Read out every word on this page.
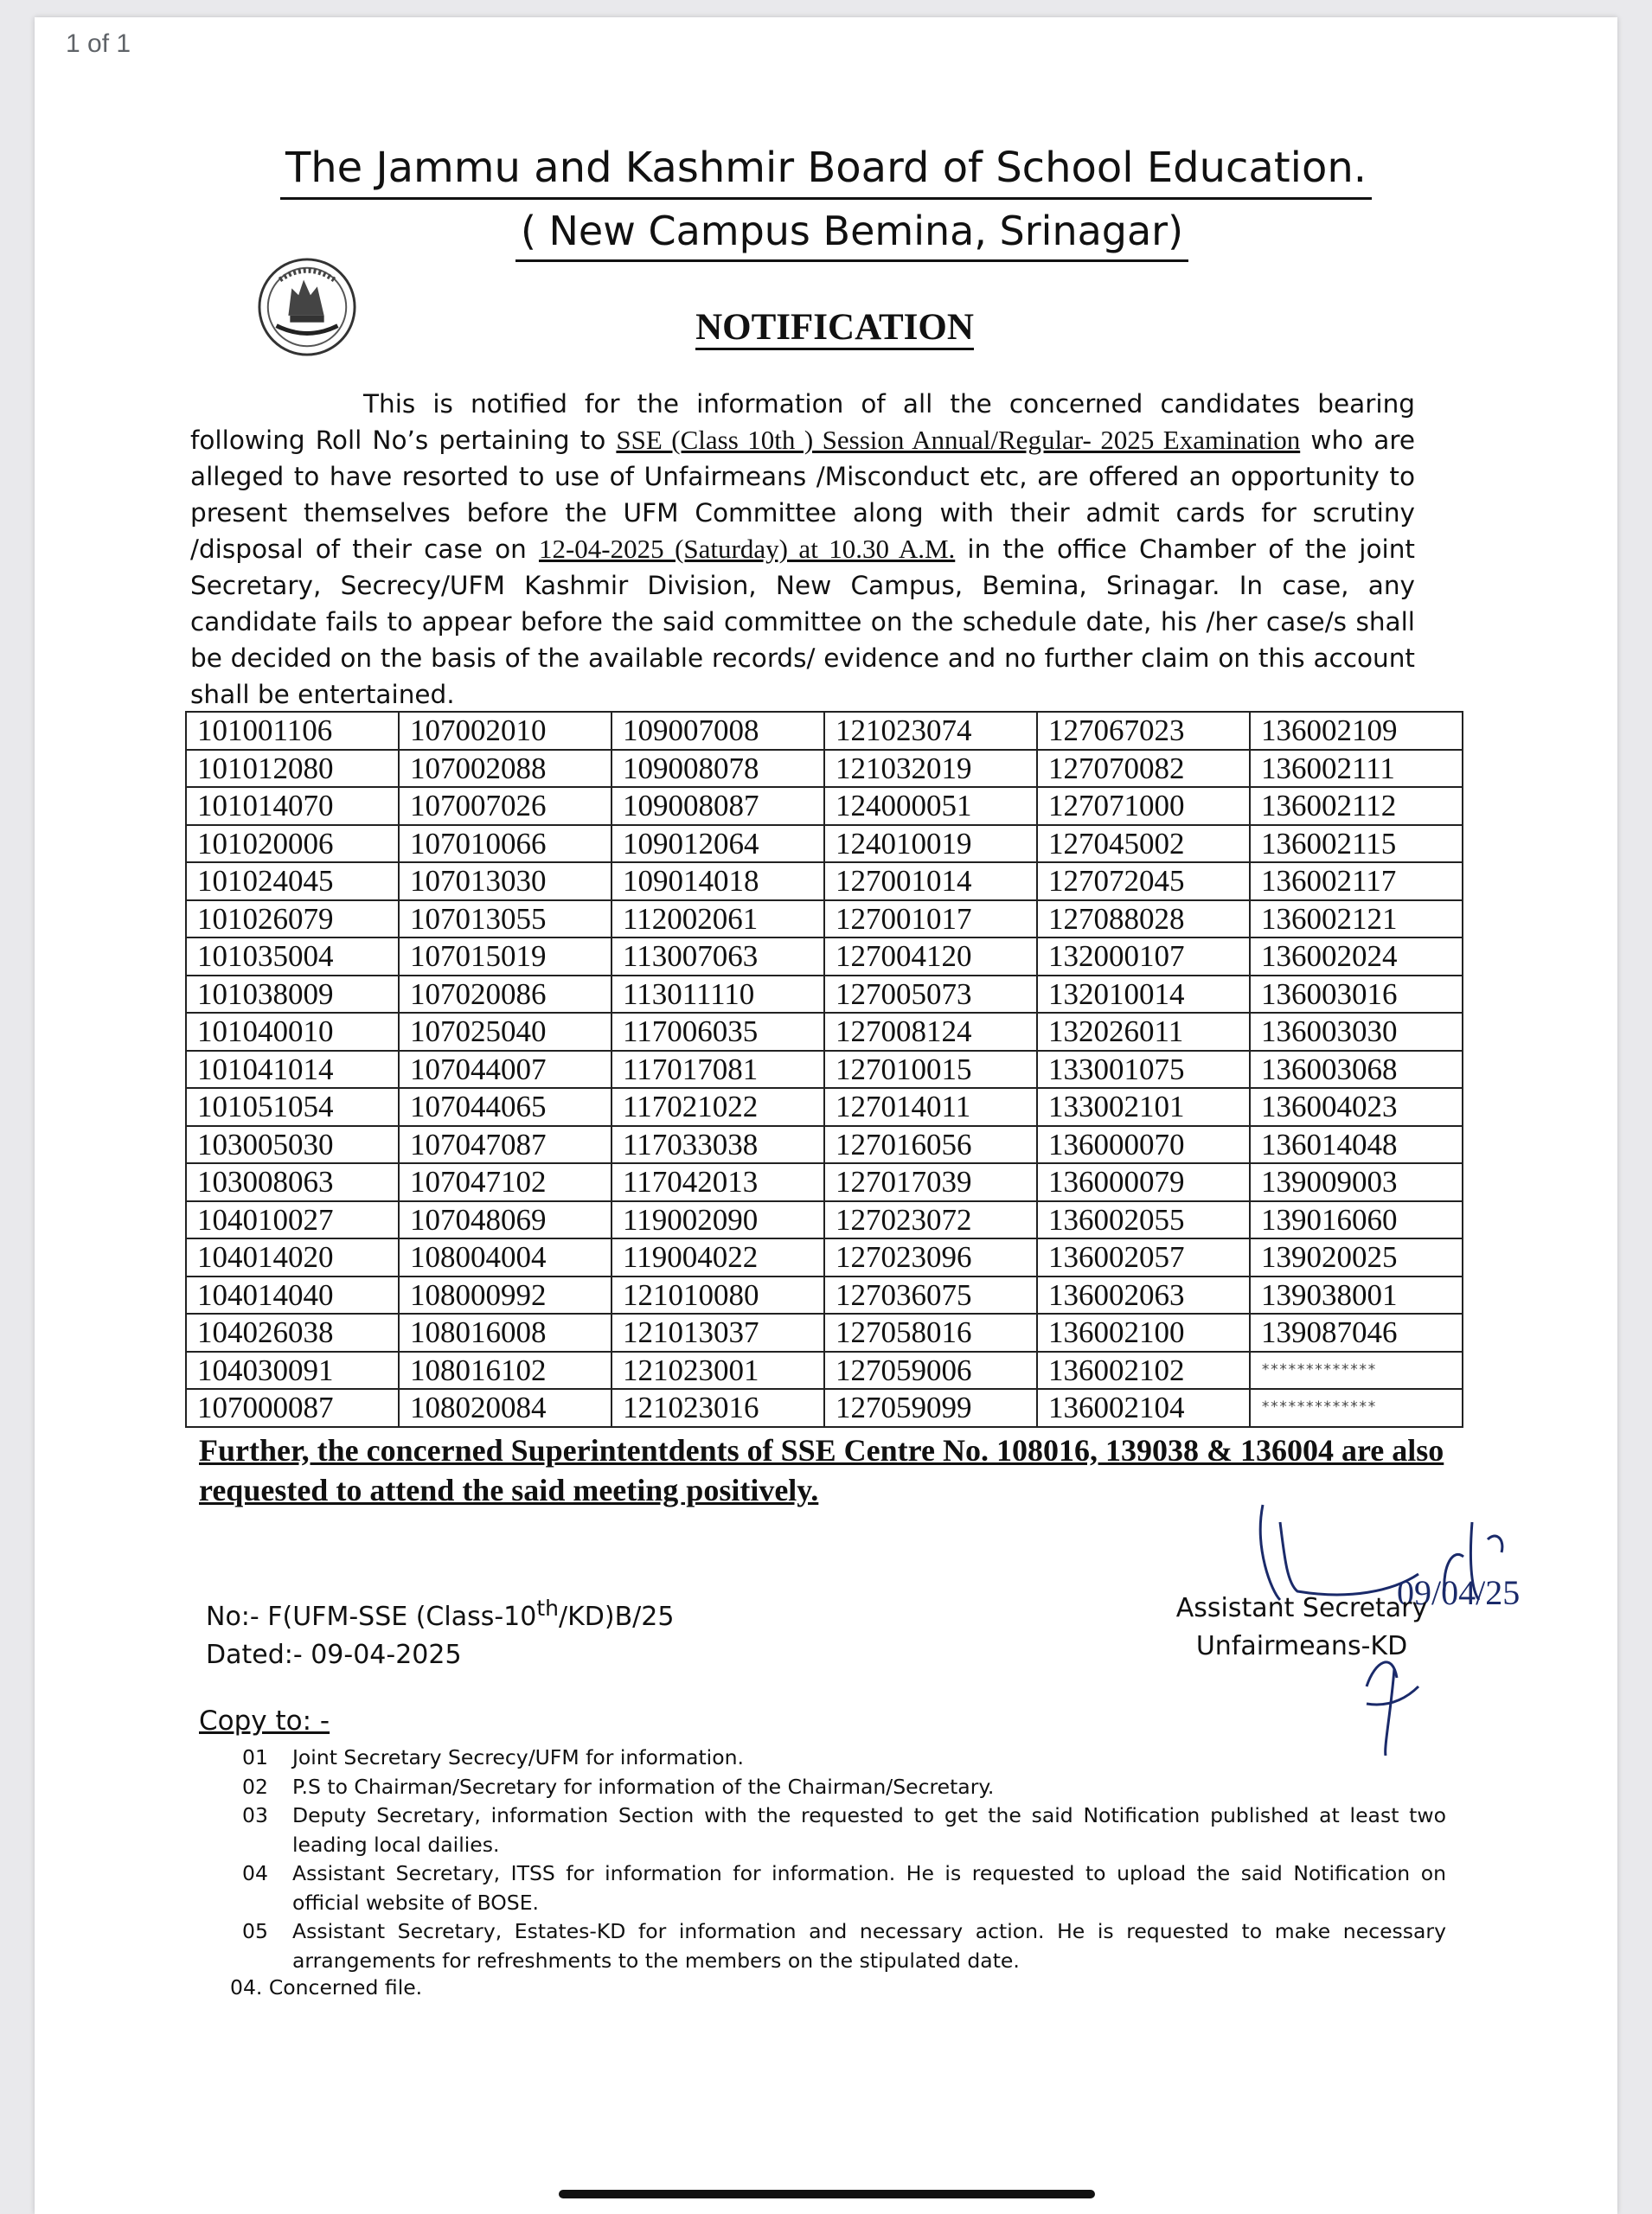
1 of 1
The Jammu and Kashmir Board of School Education.
( New Campus Bemina, Srinagar)
NOTIFICATION
This is notified for the information of all the concerned candidates bearing following Roll No’s pertaining to SSE (Class 10th ) Session Annual/Regular- 2025 Examination who are alleged to have resorted to use of Unfairmeans /Misconduct etc, are offered an opportunity to present themselves before the UFM Committee along with their admit cards for scrutiny /disposal of their case on 12-04-2025 (Saturday) at 10.30 A.M. in the office Chamber of the joint Secretary, Secrecy/UFM Kashmir Division, New Campus, Bemina, Srinagar. In case, any candidate fails to appear before the said committee on the schedule date, his /her case/s shall be decided on the basis of the available records/ evidence and no further claim on this account shall be entertained.
101001106	107002010	109007008	121023074	127067023	136002109
101012080	107002088	109008078	121032019	127070082	136002111
101014070	107007026	109008087	124000051	127071000	136002112
101020006	107010066	109012064	124010019	127045002	136002115
101024045	107013030	109014018	127001014	127072045	136002117
101026079	107013055	112002061	127001017	127088028	136002121
101035004	107015019	113007063	127004120	132000107	136002024
101038009	107020086	113011110	127005073	132010014	136003016
101040010	107025040	117006035	127008124	132026011	136003030
101041014	107044007	117017081	127010015	133001075	136003068
101051054	107044065	117021022	127014011	133002101	136004023
103005030	107047087	117033038	127016056	136000070	136014048
103008063	107047102	117042013	127017039	136000079	139009003
104010027	107048069	119002090	127023072	136002055	139016060
104014020	108004004	119004022	127023096	136002057	139020025
104014040	108000992	121010080	127036075	136002063	139038001
104026038	108016008	121013037	127058016	136002100	139087046
104030091	108016102	121023001	127059006	136002102	*************
107000087	108020084	121023016	127059099	136002104	*************
Further, the concerned Superintentdents of SSE Centre No. 108016, 139038 & 136004 are also requested to attend the said meeting positively.
09/04/25
No:- F(UFM-SSE (Class-10th/KD)B/25
Dated:- 09-04-2025
Assistant Secretary
Unfairmeans-KD
Copy to: -
01	Joint Secretary Secrecy/UFM for information.
02	P.S to Chairman/Secretary for information of the Chairman/Secretary.
03	Deputy Secretary, information Section with the requested to get the said Notification published at least two leading local dailies.
04	Assistant Secretary, ITSS for information for information. He is requested to upload the said Notification on official website of BOSE.
05	Assistant Secretary, Estates-KD for information and necessary action. He is requested to make necessary arrangements for refreshments to the members on the stipulated date.
04. Concerned file.
